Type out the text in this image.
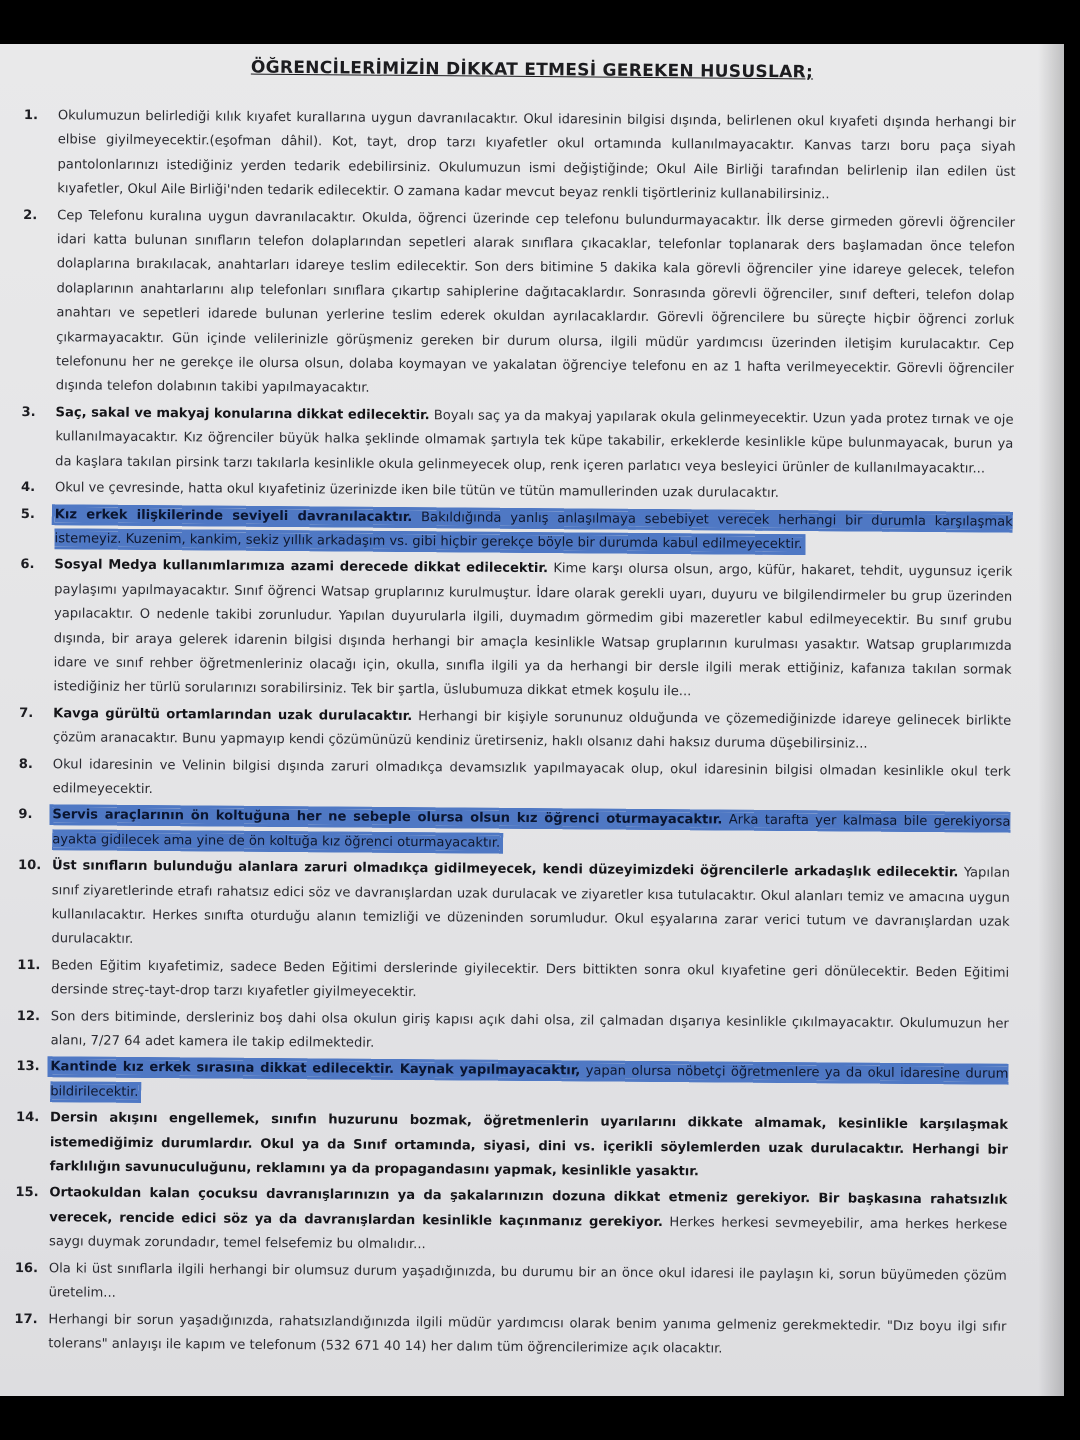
ÖĞRENCİLERİMİZİN DİKKAT ETMESİ GEREKEN HUSUSLAR;
1.	Okulumuzun belirlediği kılık kıyafet kurallarına uygun davranılacaktır. Okul idaresinin bilgisi dışında, belirlenen okul kıyafeti dışında herhangi bir elbise giyilmeyecektir.(eşofman dâhil). Kot, tayt, drop tarzı kıyafetler okul ortamında kullanılmayacaktır. Kanvas tarzı boru paça siyah pantolonlarınızı istediğiniz yerden tedarik edebilirsiniz. Okulumuzun ismi değiştiğinde; Okul Aile Birliği tarafından belirlenip ilan edilen üst kıyafetler, Okul Aile Birliği'nden tedarik edilecektir. O zamana kadar mevcut beyaz renkli tişörtleriniz kullanabilirsiniz..
2.	Cep Telefonu kuralına uygun davranılacaktır. Okulda, öğrenci üzerinde cep telefonu bulundurmayacaktır. İlk derse girmeden görevli öğrenciler idari katta bulunan sınıfların telefon dolaplarından sepetleri alarak sınıflara çıkacaklar, telefonlar toplanarak ders başlamadan önce telefon dolaplarına bırakılacak, anahtarları idareye teslim edilecektir. Son ders bitimine 5 dakika kala görevli öğrenciler yine idareye gelecek, telefon dolaplarının anahtarlarını alıp telefonları sınıflara çıkartıp sahiplerine dağıtacaklardır. Sonrasında görevli öğrenciler, sınıf defteri, telefon dolap anahtarı ve sepetleri idarede bulunan yerlerine teslim ederek okuldan ayrılacaklardır. Görevli öğrencilere bu süreçte hiçbir öğrenci zorluk çıkarmayacaktır. Gün içinde velilerinizle görüşmeniz gereken bir durum olursa, ilgili müdür yardımcısı üzerinden iletişim kurulacaktır. Cep telefonunu her ne gerekçe ile olursa olsun, dolaba koymayan ve yakalatan öğrenciye telefonu en az 1 hafta verilmeyecektir. Görevli öğrenciler dışında telefon dolabının takibi yapılmayacaktır.
3.	Saç, sakal ve makyaj konularına dikkat edilecektir. Boyalı saç ya da makyaj yapılarak okula gelinmeyecektir. Uzun yada protez tırnak ve oje kullanılmayacaktır. Kız öğrenciler büyük halka şeklinde olmamak şartıyla tek küpe takabilir, erkeklerde kesinlikle küpe bulunmayacak, burun ya da kaşlara takılan pirsink tarzı takılarla kesinlikle okula gelinmeyecek olup, renk içeren parlatıcı veya besleyici ürünler de kullanılmayacaktır...
4.	Okul ve çevresinde, hatta okul kıyafetiniz üzerinizde iken bile tütün ve tütün mamullerinden uzak durulacaktır.
5.	Kız erkek ilişkilerinde seviyeli davranılacaktır. Bakıldığında yanlış anlaşılmaya sebebiyet verecek herhangi bir durumla karşılaşmak istemeyiz. Kuzenim, kankim, sekiz yıllık arkadaşım vs. gibi hiçbir gerekçe böyle bir durumda kabul edilmeyecektir.
6.	Sosyal Medya kullanımlarımıza azami derecede dikkat edilecektir. Kime karşı olursa olsun, argo, küfür, hakaret, tehdit, uygunsuz içerik paylaşımı yapılmayacaktır. Sınıf öğrenci Watsap gruplarınız kurulmuştur. İdare olarak gerekli uyarı, duyuru ve bilgilendirmeler bu grup üzerinden yapılacaktır. O nedenle takibi zorunludur. Yapılan duyurularla ilgili, duymadım görmedim gibi mazeretler kabul edilmeyecektir. Bu sınıf grubu dışında, bir araya gelerek idarenin bilgisi dışında herhangi bir amaçla kesinlikle Watsap gruplarının kurulması yasaktır. Watsap gruplarımızda idare ve sınıf rehber öğretmenleriniz olacağı için, okulla, sınıfla ilgili ya da herhangi bir dersle ilgili merak ettiğiniz, kafanıza takılan sormak istediğiniz her türlü sorularınızı sorabilirsiniz. Tek bir şartla, üslubumuza dikkat etmek koşulu ile...
7.	Kavga gürültü ortamlarından uzak durulacaktır. Herhangi bir kişiyle sorununuz olduğunda ve çözemediğinizde idareye gelinecek birlikte çözüm aranacaktır. Bunu yapmayıp kendi çözümünüzü kendiniz üretirseniz, haklı olsanız dahi haksız duruma düşebilirsiniz...
8.	Okul idaresinin ve Velinin bilgisi dışında zaruri olmadıkça devamsızlık yapılmayacak olup, okul idaresinin bilgisi olmadan kesinlikle okul terk edilmeyecektir.
9.	Servis araçlarının ön koltuğuna her ne sebeple olursa olsun kız öğrenci oturmayacaktır. Arka tarafta yer kalmasa bile gerekiyorsa ayakta gidilecek ama yine de ön koltuğa kız öğrenci oturmayacaktır.
10. Üst sınıfların bulunduğu alanlara zaruri olmadıkça gidilmeyecek, kendi düzeyimizdeki öğrencilerle arkadaşlık edilecektir. Yapılan sınıf ziyaretlerinde etrafı rahatsız edici söz ve davranışlardan uzak durulacak ve ziyaretler kısa tutulacaktır. Okul alanları temiz ve amacına uygun kullanılacaktır. Herkes sınıfta oturduğu alanın temizliği ve düzeninden sorumludur. Okul eşyalarına zarar verici tutum ve davranışlardan uzak durulacaktır.
11. Beden Eğitim kıyafetimiz, sadece Beden Eğitimi derslerinde giyilecektir. Ders bittikten sonra okul kıyafetine geri dönülecektir. Beden Eğitimi dersinde streç-tayt-drop tarzı kıyafetler giyilmeyecektir.
12. Son ders bitiminde, dersleriniz boş dahi olsa okulun giriş kapısı açık dahi olsa, zil çalmadan dışarıya kesinlikle çıkılmayacaktır. Okulumuzun her alanı, 7/27 64 adet kamera ile takip edilmektedir.
13. Kantinde kız erkek sırasına dikkat edilecektir. Kaynak yapılmayacaktır, yapan olursa nöbetçi öğretmenlere ya da okul idaresine durum bildirilecektir.
14. Dersin akışını engellemek, sınıfın huzurunu bozmak, öğretmenlerin uyarılarını dikkate almamak, kesinlikle karşılaşmak istemediğimiz durumlardır. Okul ya da Sınıf ortamında, siyasi, dini vs. içerikli söylemlerden uzak durulacaktır. Herhangi bir farklılığın savunuculuğunu, reklamını ya da propagandasını yapmak, kesinlikle yasaktır.
15. Ortaokuldan kalan çocuksu davranışlarınızın ya da şakalarınızın dozuna dikkat etmeniz gerekiyor. Bir başkasına rahatsızlık verecek, rencide edici söz ya da davranışlardan kesinlikle kaçınmanız gerekiyor. Herkes herkesi sevmeyebilir, ama herkes herkese saygı duymak zorundadır, temel felsefemiz bu olmalıdır...
16. Ola ki üst sınıflarla ilgili herhangi bir olumsuz durum yaşadığınızda, bu durumu bir an önce okul idaresi ile paylaşın ki, sorun büyümeden çözüm üretelim...
17. Herhangi bir sorun yaşadığınızda, rahatsızlandığınızda ilgili müdür yardımcısı olarak benim yanıma gelmeniz gerekmektedir. "Dız boyu ilgi sıfır tolerans" anlayışı ile kapım ve telefonum (532 671 40 14) her dalım tüm öğrencilerimize açık olacaktır.
